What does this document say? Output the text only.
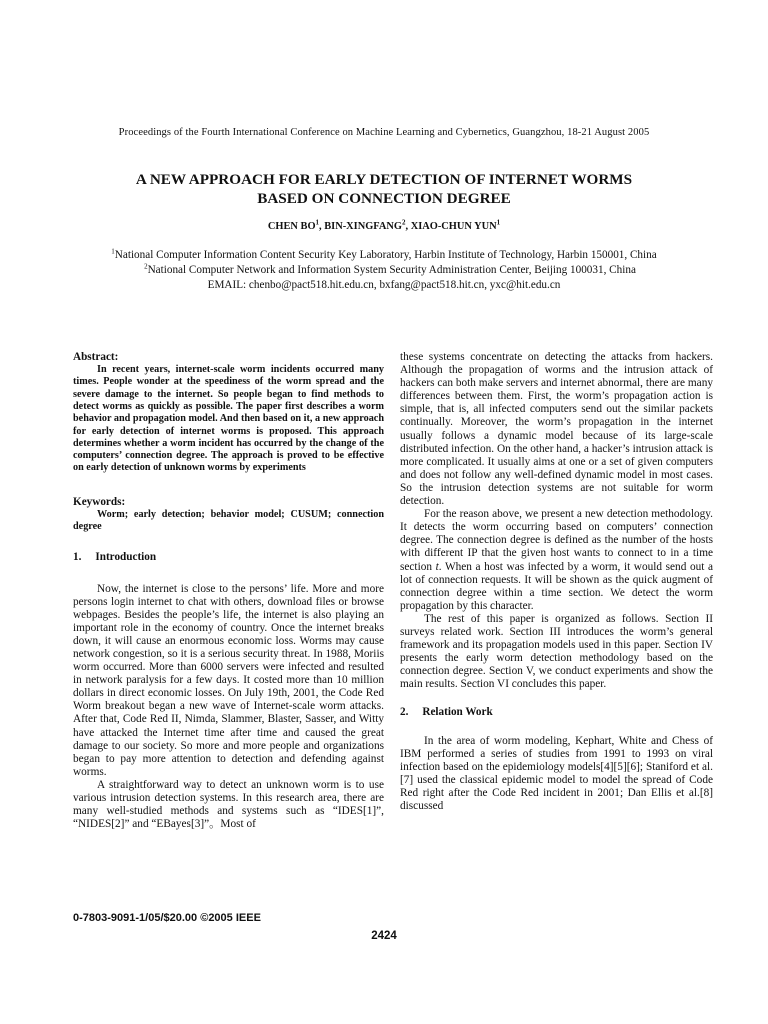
Proceedings of the Fourth International Conference on Machine Learning and Cybernetics, Guangzhou, 18-21 August 2005
A NEW APPROACH FOR EARLY DETECTION OF INTERNET WORMS
BASED ON CONNECTION DEGREE
CHEN $BO^1$, BIN-XINGFANG$^2$, XIAO-CHUN YUN$^1$
$^1$National Computer Information Content Security Key Laboratory, Harbin Institute of Technology, Harbin 150001, China
$^2$National Computer Network and Information System Security Administration Center, Beijing 100031, China
EMAIL: chenbo@pact518.hit.edu.cn, bxfang@pact518.hit.cn, yxc@hit.edu.cn
Abstract:

In recent years, internet-scale worm incidents occurred many times. People wonder at the speediness of the worm spread and the severe damage to the internet. So people began to find methods to detect worms as quickly as possible. The paper first describes a worm behavior and propagation model. And then based on it, a new approach for early detection of internet worms is proposed. This approach determines whether a worm incident has occurred by the change of the computers’ connection degree. The approach is proved to be effective on early detection of unknown worms by experiments

Keywords:

Worm; early detection; behavior model; CUSUM; connection degree

1.     Introduction

Now, the internet is close to the persons’ life. More and more persons login internet to chat with others, download files or browse webpages. Besides the people’s life, the internet is also playing an important role in the economy of country. Once the internet breaks down, it will cause an enormous economic loss. Worms may cause network congestion, so it is a serious security threat. In 1988, Moriis worm occurred. More than 6000 servers were infected and resulted in network paralysis for a few days. It costed more than 10 million dollars in direct economic losses. On July 19th, 2001, the Code Red Worm breakout began a new wave of Internet-scale worm attacks. After that, Code Red II, Nimda, Slammer, Blaster, Sasser, and Witty have attacked the Internet time after time and caused the great damage to our society. So more and more people and organizations began to pay more attention to detection and defending against worms.

A straightforward way to detect an unknown worm is to use various intrusion detection systems. In this research area, there are many well-studied methods and systems such as “IDES[1]”, “NIDES[2]” and “EBayes[3]”。Most of

these systems concentrate on detecting the attacks from hackers. Although the propagation of worms and the intrusion attack of hackers can both make servers and internet abnormal, there are many differences between them. First, the worm’s propagation action is simple, that is, all infected computers send out the similar packets continually. Moreover, the worm’s propagation in the internet usually follows a dynamic model because of its large-scale distributed infection. On the other hand, a hacker’s intrusion attack is more complicated. It usually aims at one or a set of given computers and does not follow any well-defined dynamic model in most cases. So the intrusion detection systems are not suitable for worm detection.

For the reason above, we present a new detection methodology. It detects the worm occurring based on computers’ connection degree. The connection degree is defined as the number of the hosts with different IP that the given host wants to connect to in a time section t. When a host was infected by a worm, it would send out a lot of connection requests. It will be shown as the quick augment of connection degree within a time section. We detect the worm propagation by this character.

The rest of this paper is organized as follows. Section II surveys related work. Section III introduces the worm’s general framework and its propagation models used in this paper. Section IV presents the early worm detection methodology based on the connection degree. Section V, we conduct experiments and show the main results. Section VI concludes this paper.

2.     Relation Work

In the area of worm modeling, Kephart, White and Chess of IBM performed a series of studies from 1991 to 1993 on viral infection based on the epidemiology models[4][5][6]; Staniford et al.[7] used the classical epidemic model to model the spread of Code Red right after the Code Red incident in 2001; Dan Ellis et al.[8] discussed

0-7803-9091-1/05/$20.00 ©2005 IEEE
2424
